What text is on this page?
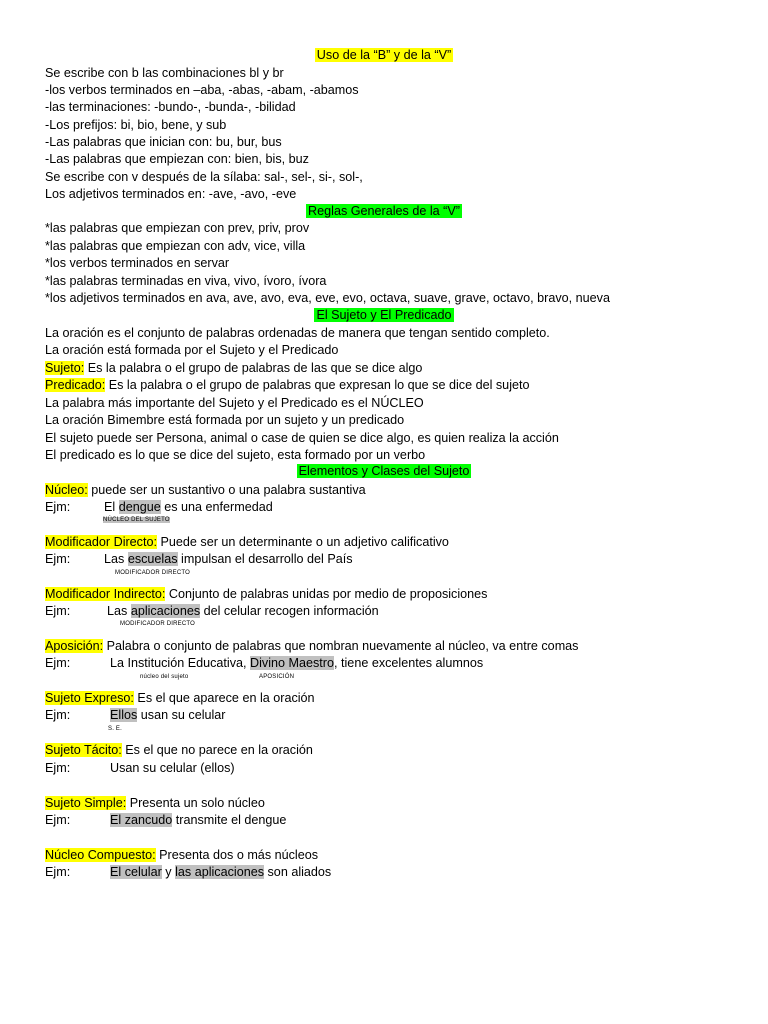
Uso de la “B” y de la “V”
Se escribe con b las combinaciones bl y br
-los verbos terminados en –aba, -abas, -abam, -abamos
-las terminaciones: -bundo-, -bunda-, -bilidad
-Los prefijos: bi, bio, bene, y sub
-Las palabras que inician con: bu, bur, bus
-Las palabras que empiezan con: bien, bis, buz
Se escribe con v después de la sílaba: sal-, sel-, si-, sol-,
Los adjetivos terminados en: -ave, -avo, -eve
Reglas Generales de la “V”
*las palabras que empiezan con prev, priv, prov
*las palabras que empiezan con adv, vice, villa
*los verbos terminados en servar
*las palabras terminadas en viva, vivo, ívoro, ívora
*los adjetivos terminados en ava, ave, avo, eva, eve, evo, octava, suave, grave, octavo, bravo, nueva
El Sujeto y El Predicado
La oración es el conjunto de palabras ordenadas de manera que tengan sentido completo.
La oración está formada por el Sujeto y el Predicado
Sujeto: Es la palabra o el grupo de palabras de las que se dice algo
Predicado: Es la palabra o el grupo de palabras que expresan lo que se dice del sujeto
La palabra más importante del Sujeto y el Predicado es el NÚCLEO
La oración Bimembre está formada por un sujeto y un predicado
El sujeto puede ser Persona, animal o case de quien se dice algo, es quien realiza la acción
El predicado es lo que se dice del sujeto, esta formado por un verbo
Elementos y Clases del Sujeto
Núcleo: puede ser un sustantivo o una palabra sustantiva
Ejm:	El dengue es una enfermedad
NÚCLEO DEL SUJETO
Modificador Directo: Puede ser un determinante o un adjetivo calificativo
Ejm:	Las escuelas impulsan el desarrollo del País
MODIFICADOR DIRECTO
Modificador Indirecto: Conjunto de palabras unidas por medio de proposiciones
Ejm:	Las aplicaciones del celular recogen información
MODIFICADOR DIRECTO
Aposición: Palabra o conjunto de palabras que nombran nuevamente al núcleo, va entre comas
Ejm:	La Institución Educativa, Divino Maestro, tiene excelentes alumnos
núcleo del sujeto	APOSICIÓN
Sujeto Expreso: Es el que aparece en la oración
Ejm:	Ellos usan su celular
S. E.
Sujeto Tácito: Es el que no parece en la oración
Ejm:	Usan su celular (ellos)
Sujeto Simple: Presenta un solo núcleo
Ejm:	El zancudo transmite el dengue
Núcleo Compuesto: Presenta dos o más núcleos
Ejm:	El celular y las aplicaciones son aliados
